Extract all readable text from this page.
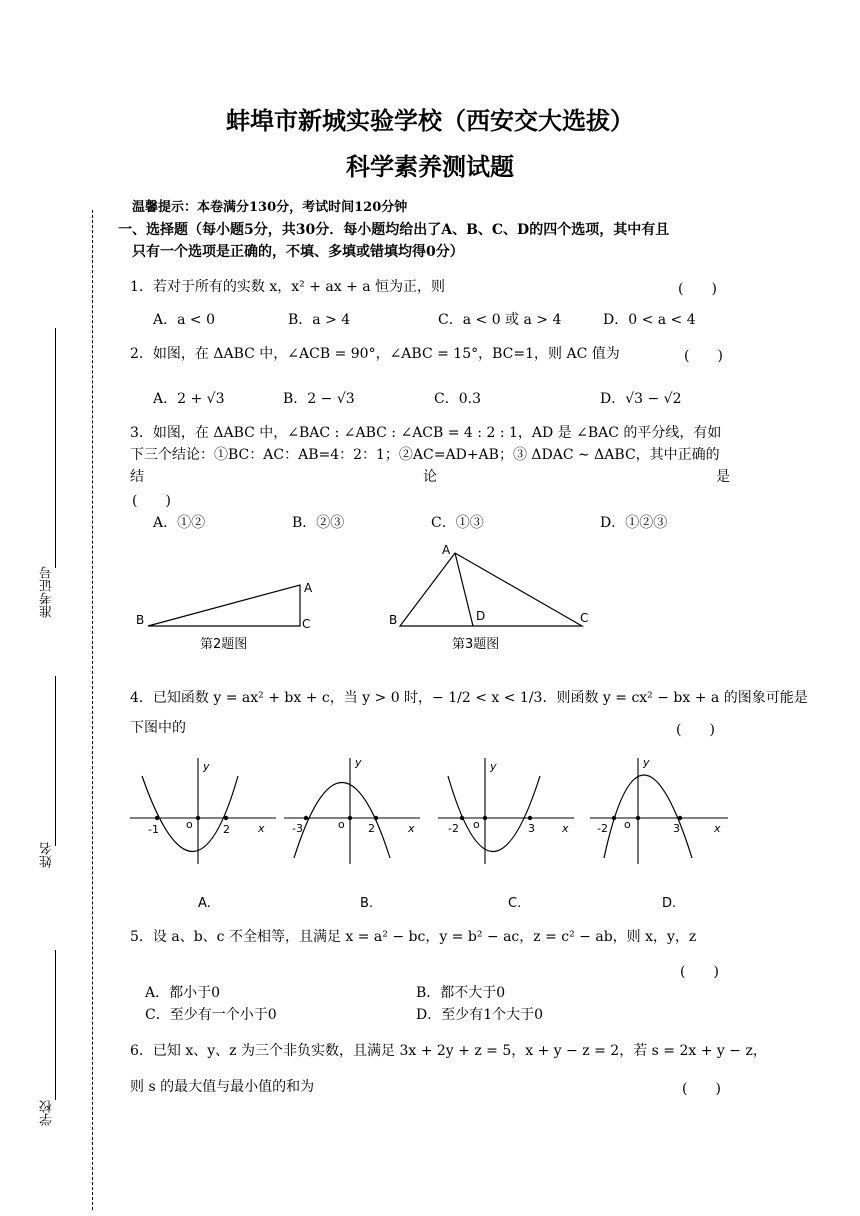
蚌埠市新城实验学校（西安交大选拔）
科学素养测试题
温馨提示：本卷满分130分，考试时间120分钟
一、选择题（每小题5分，共30分．每小题均给出了A、B、C、D的四个选项，其中有且
只有一个选项是正确的，不填、多填或错填均得0分）
准考证号
姓名
学校
1．若对于所有的实数 x，x² + ax + a 恒为正，则	(　　)
A．a < 0	B．a > 4	C．a < 0 或 a > 4	D．0 < a < 4
2．如图，在 ΔABC 中，∠ACB = 90°，∠ABC = 15°，BC=1，则 AC 值为	(　　)
A．2 + √3	B．2 − √3	C．0.3	D．√3 − √2
3．如图，在 ΔABC 中，∠BAC : ∠ABC : ∠ACB = 4 : 2 : 1，AD 是 ∠BAC 的平分线，有如
下三个结论：①BC：AC：AB=4：2：1；②AC=AD+AB；③ ΔDAC ∼ ΔABC，其中正确的
结	论	是
(　　)
A．①②	B．②③	C．①③	D．①②③
B
A
C
第2题图
B
A
D	C
第3题图
4．已知函数 y = ax² + bx + c，当 y > 0 时，− 1/2 < x < 1/3．则函数 y = cx² − bx + a 的图象可能是
下图中的	(　　)
-1 o	2	x
y
A.
-3	o 2	x
y
B.
-2 o	3 x
y
C.
-2 o	3	x
y
D.
5．设 a、b、c 不全相等，且满足 x = a² − bc，y = b² − ac，z = c² − ab，则 x，y，z
(　　)
A．都小于0	B．都不大于0
C．至少有一个小于0	D．至少有1个大于0
6．已知 x、y、z 为三个非负实数，且满足 3x + 2y + z = 5，x + y − z = 2，若 s = 2x + y − z，
则 s 的最大值与最小值的和为	(　　)
